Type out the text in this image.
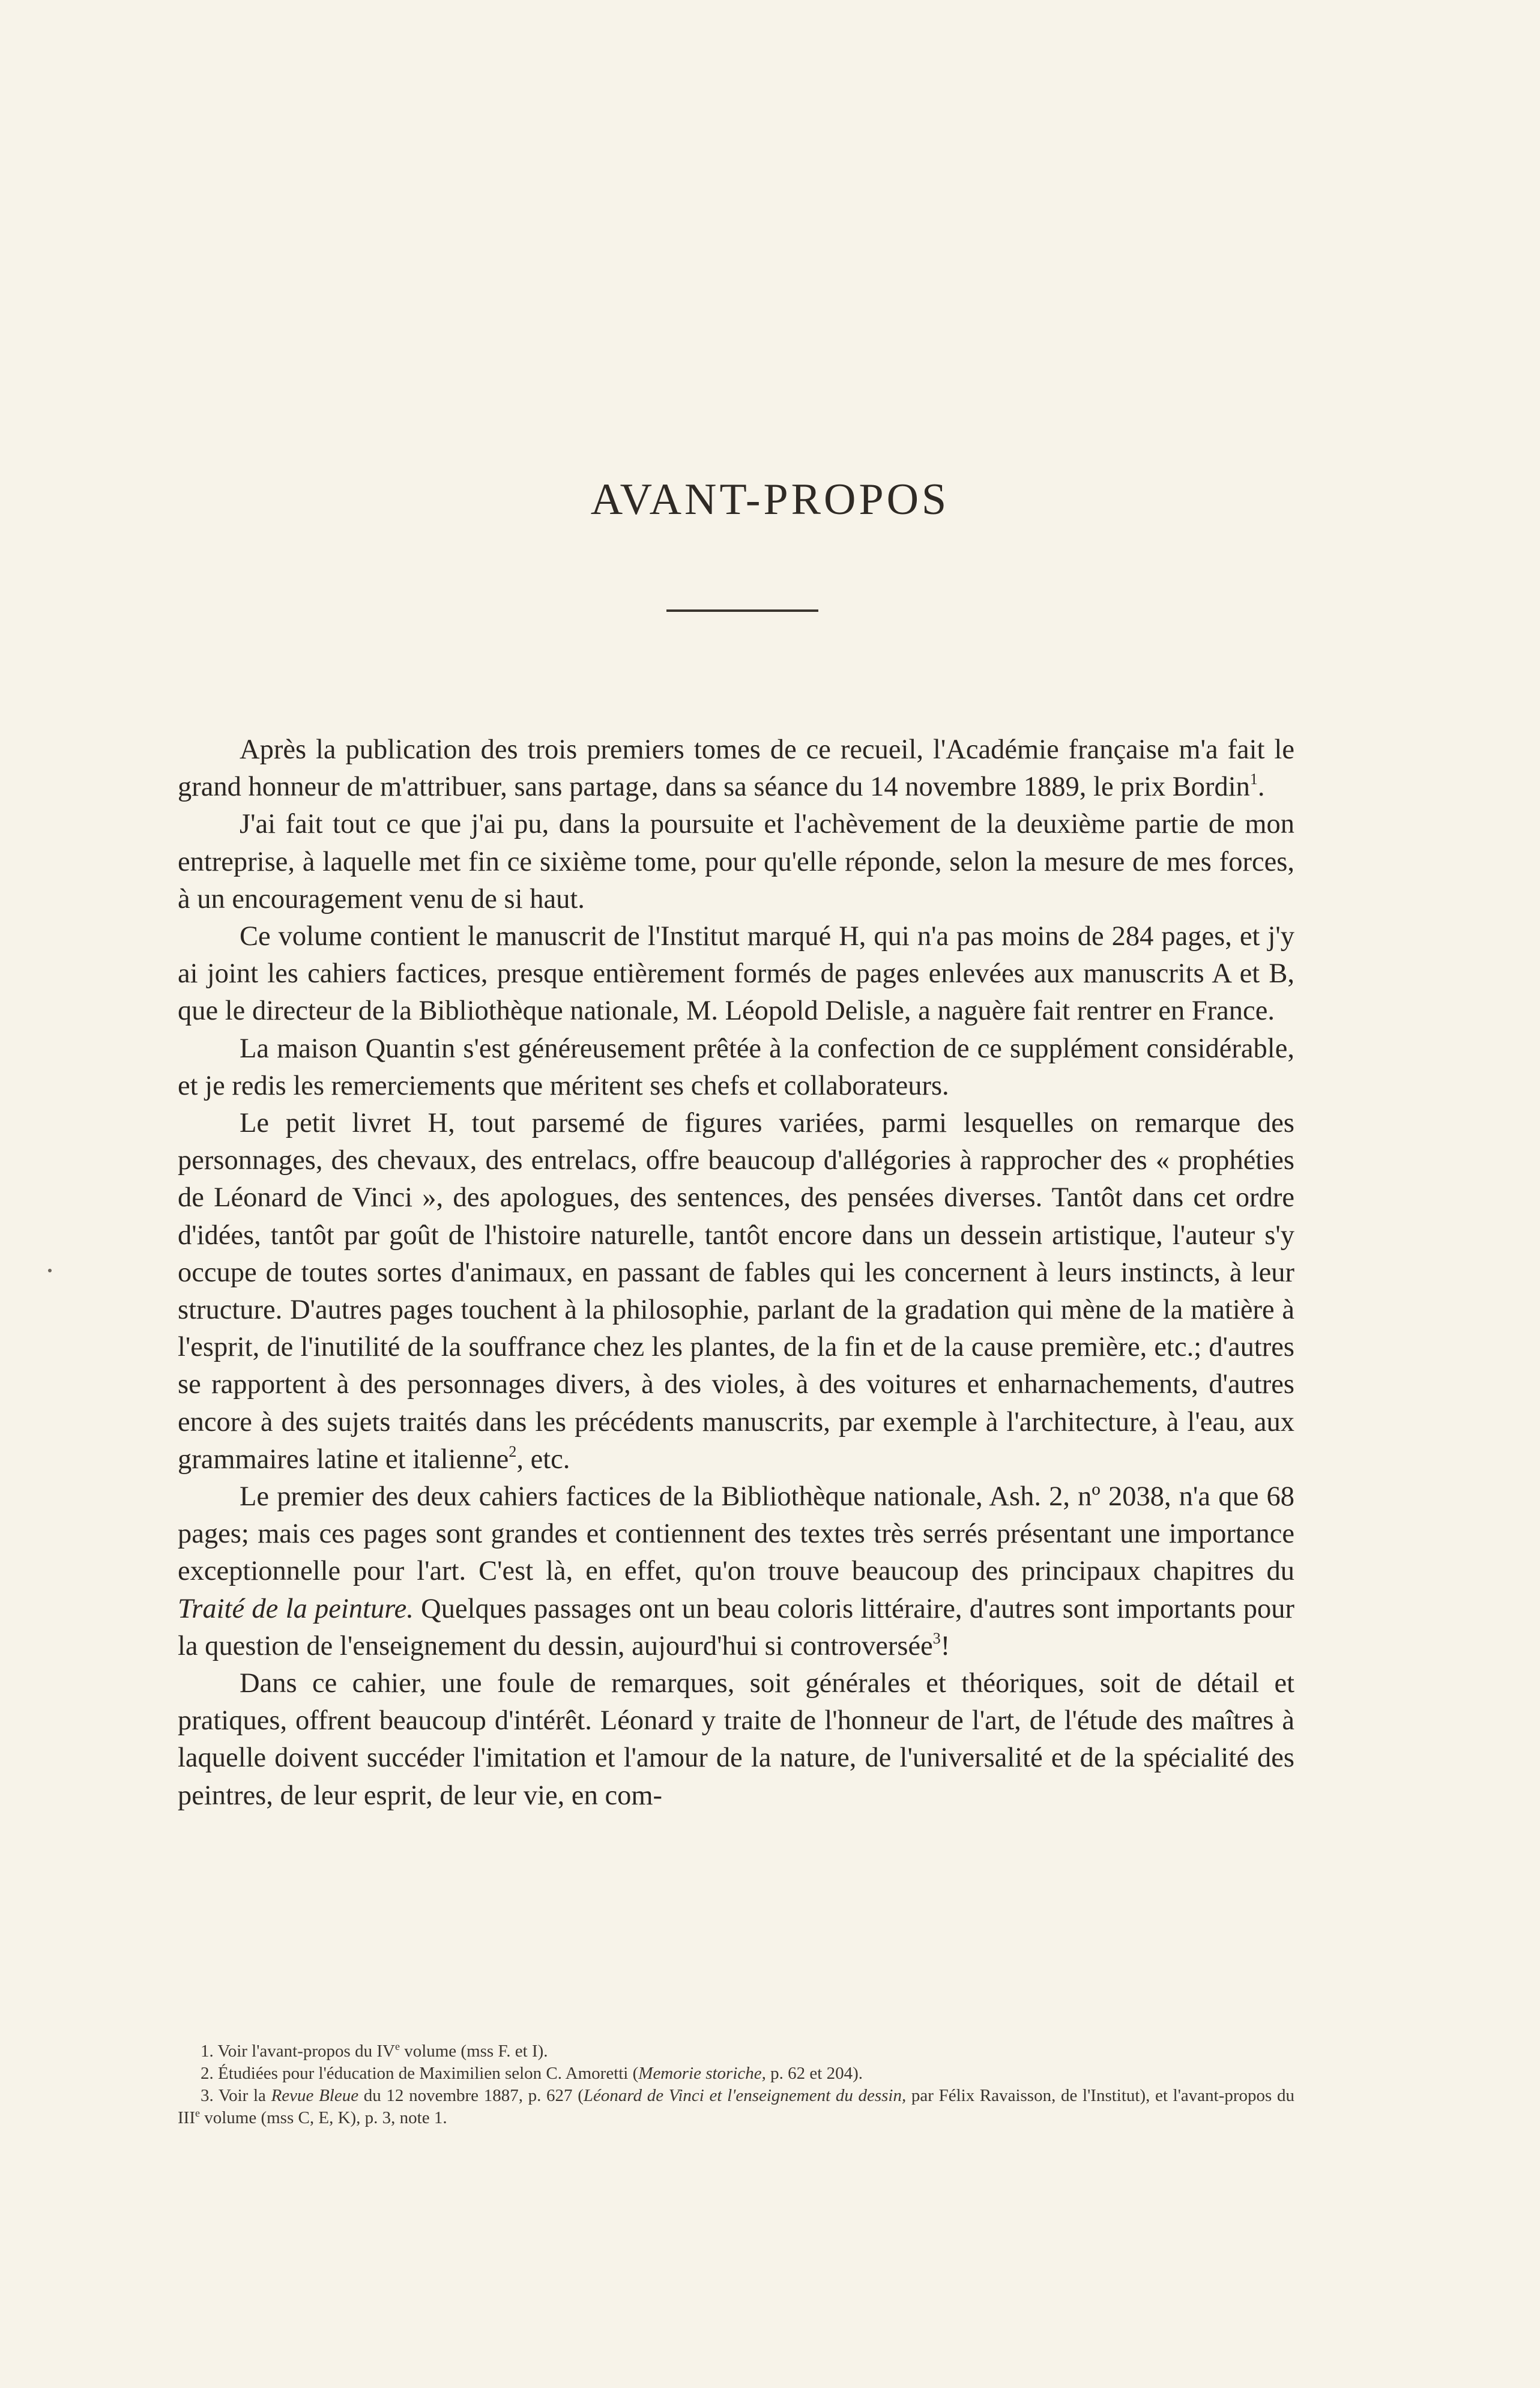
AVANT-PROPOS

Après la publication des trois premiers tomes de ce recueil, l'Académie française m'a fait le grand honneur de m'attribuer, sans partage, dans sa séance du 14 novembre 1889, le prix Bordin$^1$.

J'ai fait tout ce que j'ai pu, dans la poursuite et l'achèvement de la deuxième partie de mon entreprise, à laquelle met fin ce sixième tome, pour qu'elle réponde, selon la mesure de mes forces, à un encouragement venu de si haut.

Ce volume contient le manuscrit de l'Institut marqué H, qui n'a pas moins de 284 pages, et j'y ai joint les cahiers factices, presque entièrement formés de pages enlevées aux manuscrits A et B, que le directeur de la Bibliothèque nationale, M. Léopold Delisle, a naguère fait rentrer en France.

La maison Quantin s'est généreusement prêtée à la confection de ce supplément considérable, et je redis les remerciements que méritent ses chefs et collaborateurs.

Le petit livret H, tout parsemé de figures variées, parmi lesquelles on remarque des personnages, des chevaux, des entrelacs, offre beaucoup d'allégories à rapprocher des « prophéties de Léonard de Vinci », des apologues, des sentences, des pensées diverses. Tantôt dans cet ordre d'idées, tantôt par goût de l'histoire naturelle, tantôt encore dans un dessein artistique, l'auteur s'y occupe de toutes sortes d'animaux, en passant de fables qui les concernent à leurs instincts, à leur structure. D'autres pages touchent à la philosophie, parlant de la gradation qui mène de la matière à l'esprit, de l'inutilité de la souffrance chez les plantes, de la fin et de la cause première, etc.; d'autres se rapportent à des personnages divers, à des violes, à des voitures et enharnachements, d'autres encore à des sujets traités dans les précédents manuscrits, par exemple à l'architecture, à l'eau, aux grammaires latine et italienne$^2$, etc.

Le premier des deux cahiers factices de la Bibliothèque nationale, Ash. 2, nº 2038, n'a que 68 pages; mais ces pages sont grandes et contiennent des textes très serrés présentant une importance exceptionnelle pour l'art. C'est là, en effet, qu'on trouve beaucoup des principaux chapitres du Traité de la peinture. Quelques passages ont un beau coloris littéraire, d'autres sont importants pour la question de l'enseignement du dessin, aujourd'hui si controversée$^3$!

Dans ce cahier, une foule de remarques, soit générales et théoriques, soit de détail et pratiques, offrent beaucoup d'intérêt. Léonard y traite de l'honneur de l'art, de l'étude des maîtres à laquelle doivent succéder l'imitation et l'amour de la nature, de l'universalité et de la spécialité des peintres, de leur esprit, de leur vie, en com-

1. Voir l'avant-propos du IVe volume (mss F. et I).

2. Étudiées pour l'éducation de Maximilien selon C. Amoretti (Memorie storiche, p. 62 et 204).

3. Voir la Revue Bleue du 12 novembre 1887, p. 627 (Léonard de Vinci et l'enseignement du dessin, par Félix Ravaisson, de l'Institut), et l'avant-propos du IIIe volume (mss C, E, K), p. 3, note 1.
